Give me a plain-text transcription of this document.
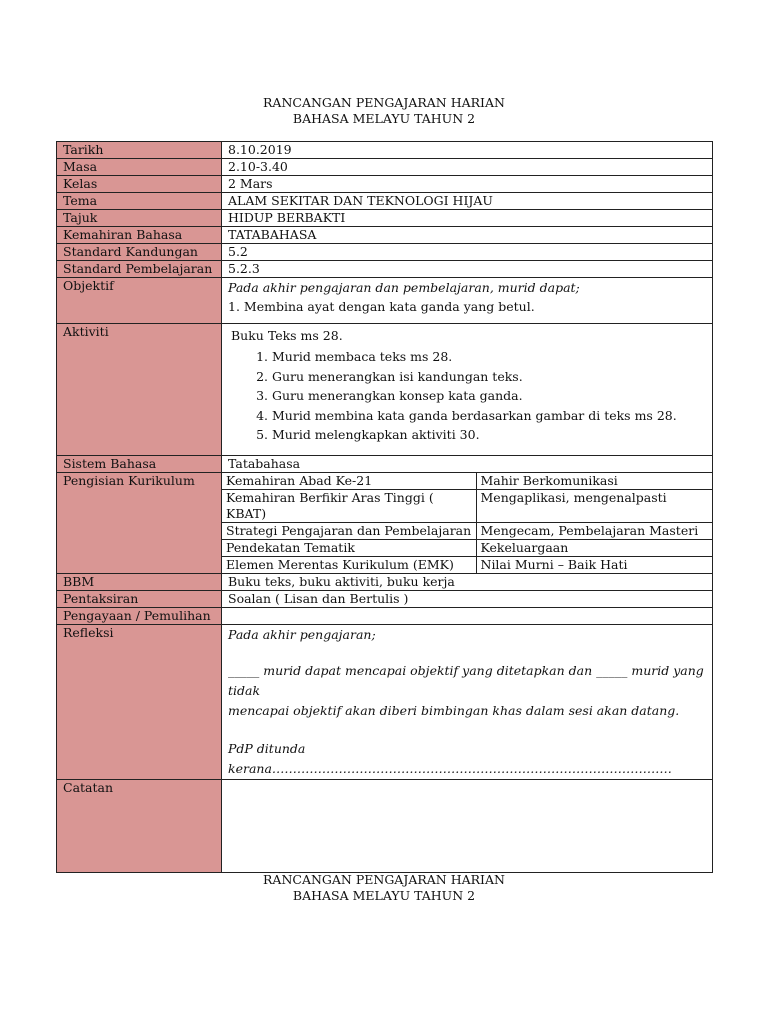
RANCANGAN PENGAJARAN HARIAN
BAHASA MELAYU TAHUN 2
Tarikh	8.10.2019
Masa	2.10-3.40
Kelas	2 Mars
Tema	ALAM SEKITAR DAN TEKNOLOGI HIJAU
Tajuk	HIDUP BERBAKTI
Kemahiran Bahasa	TATABAHASA
Standard Kandungan	5.2
Standard Pembelajaran	5.2.3
Objektif	Pada akhir pengajaran dan pembelajaran, murid dapat;

1. Membina ayat dengan kata ganda yang betul.

Aktiviti	Buku Teks ms 28.
1. Murid membaca teks ms 28.
2. Guru menerangkan isi kandungan teks.
3. Guru menerangkan konsep kata ganda.
4. Murid membina kata ganda berdasarkan gambar di teks ms 28.
5. Murid melengkapkan aktiviti 30.

Sistem Bahasa	Tatabahasa
Pengisian Kurikulum	Kemahiran Abad Ke-21	Mahir Berkomunikasi
Kemahiran Berfikir Aras Tinggi ( KBAT)	Mengaplikasi, mengenalpasti
Strategi Pengajaran dan Pembelajaran	Mengecam, Pembelajaran Masteri
Pendekatan Tematik	Kekeluargaan
Elemen Merentas Kurikulum (EMK)	Nilai Murni – Baik Hati

BBM	Buku teks, buku aktiviti, buku kerja
Pentaksiran	Soalan ( Lisan dan Bertulis )
Pengayaan / Pemulihan	
Refleksi	Pada akhir pengajaran;

_____ murid dapat mencapai objektif yang ditetapkan dan _____ murid yang tidak

mencapai objektif akan diberi bimbingan khas dalam sesi akan datang.

PdP ditunda kerana……………………………………………………………………………………

Catatan	
RANCANGAN PENGAJARAN HARIAN
BAHASA MELAYU TAHUN 2
